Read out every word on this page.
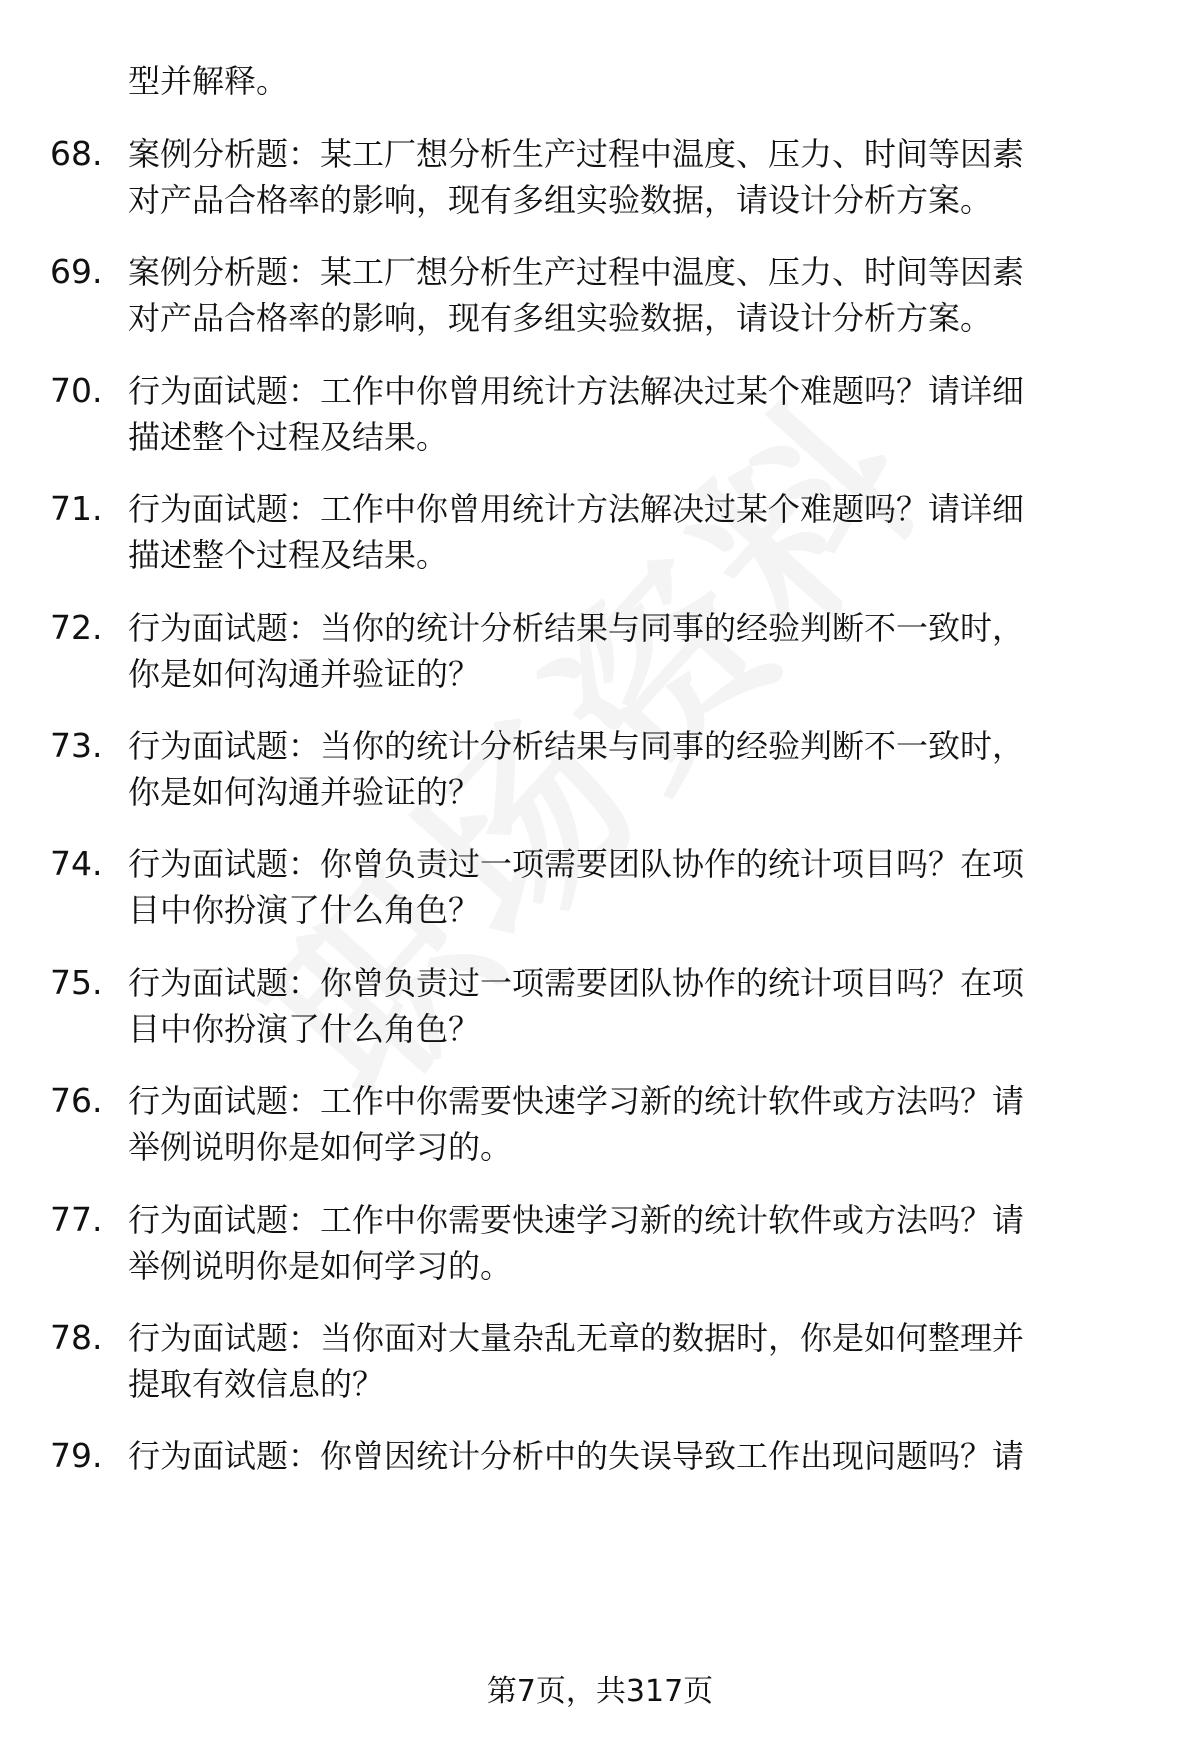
型并解释。
68. 案例分析题：某工厂想分析生产过程中温度、压力、时间等因素
对产品合格率的影响，现有多组实验数据，请设计分析方案。
69. 案例分析题：某工厂想分析生产过程中温度、压力、时间等因素
对产品合格率的影响，现有多组实验数据，请设计分析方案。
70. 行为面试题：工作中你曾用统计方法解决过某个难题吗？请详细
描述整个过程及结果。
71. 行为面试题：工作中你曾用统计方法解决过某个难题吗？请详细
描述整个过程及结果。
72. 行为面试题：当你的统计分析结果与同事的经验判断不一致时，
你是如何沟通并验证的？
73. 行为面试题：当你的统计分析结果与同事的经验判断不一致时，
你是如何沟通并验证的？
74. 行为面试题：你曾负责过一项需要团队协作的统计项目吗？在项
目中你扮演了什么角色？
75. 行为面试题：你曾负责过一项需要团队协作的统计项目吗？在项
目中你扮演了什么角色？
76. 行为面试题：工作中你需要快速学习新的统计软件或方法吗？请
举例说明你是如何学习的。
77. 行为面试题：工作中你需要快速学习新的统计软件或方法吗？请
举例说明你是如何学习的。
78. 行为面试题：当你面对大量杂乱无章的数据时，你是如何整理并
提取有效信息的？
79. 行为面试题：你曾因统计分析中的失误导致工作出现问题吗？请
第7页，共317页
